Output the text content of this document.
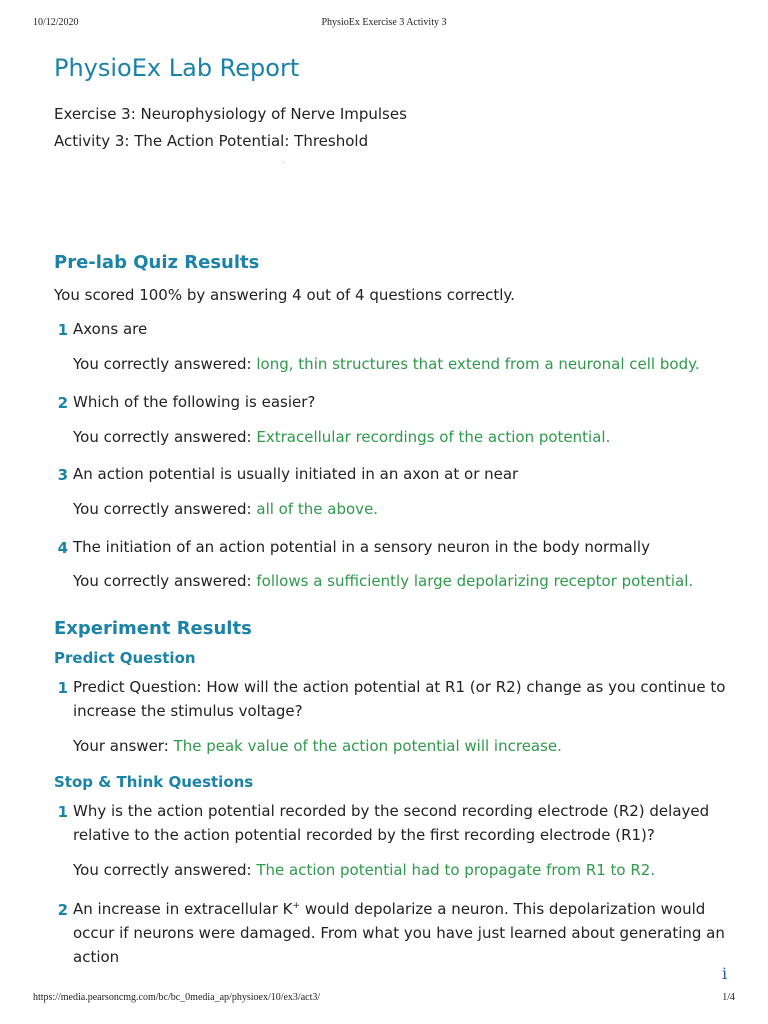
10/12/2020	PhysioEx Exercise 3 Activity 3
PhysioEx Lab Report
Exercise 3: Neurophysiology of Nerve Impulses
Activity 3: The Action Potential: Threshold
·
Pre-lab Quiz Results
You scored 100% by answering 4 out of 4 questions correctly.
1 Axons are
You correctly answered: long, thin structures that extend from a neuronal cell body.
2 Which of the following is easier?
You correctly answered: Extracellular recordings of the action potential.
3 An action potential is usually initiated in an axon at or near
You correctly answered: all of the above.
4 The initiation of an action potential in a sensory neuron in the body normally
You correctly answered: follows a sufficiently large depolarizing receptor potential.
Experiment Results
Predict Question
1 Predict Question: How will the action potential at R1 (or R2) change as you continue to increase the stimulus voltage?
Your answer: The peak value of the action potential will increase.
Stop & Think Questions
1 Why is the action potential recorded by the second recording electrode (R2) delayed relative to the action potential recorded by the first recording electrode (R1)?
You correctly answered: The action potential had to propagate from R1 to R2.
2 An increase in extracellular K+ would depolarize a neuron. This depolarization would occur if neurons were damaged. From what you have just learned about generating an action
i
https://media.pearsoncmg.com/bc/bc_0media_ap/physioex/10/ex3/act3/	1/4
